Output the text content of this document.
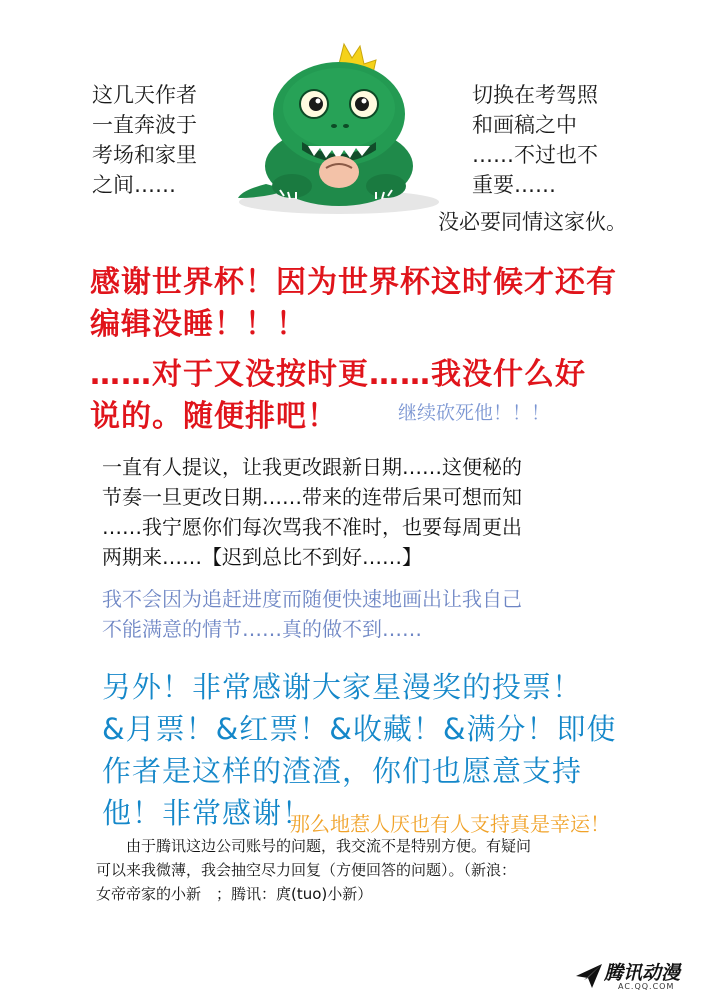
这几天作者
一直奔波于
考场和家里
之间……
切换在考驾照
和画稿之中
……不过也不
重要……
没必要同情这家伙。
感谢世界杯！因为世界杯这时候才还有
编辑没睡！！！
……对于又没按时更……我没什么好
说的。随便排吧！	继续砍死他！！！
一直有人提议，让我更改跟新日期……这便秘的
节奏一旦更改日期……带来的连带后果可想而知
……我宁愿你们每次骂我不准时，也要每周更出
两期来……【迟到总比不到好……】
我不会因为追赶进度而随便快速地画出让我自己
不能满意的情节……真的做不到……
另外！非常感谢大家星漫奖的投票！
&月票！&红票！&收藏！&满分！即使
作者是这样的渣渣，你们也愿意支持
他！非常感谢！
那么地惹人厌也有人支持真是幸运！
　　由于腾讯这边公司账号的问题，我交流不是特别方便。有疑问
可以来我微薄，我会抽空尽力回复（方便回答的问题）。（新浪：
女帝帝家的小新　；腾讯：庹(tuo)小新）
腾讯动漫
AC.QQ.COM
